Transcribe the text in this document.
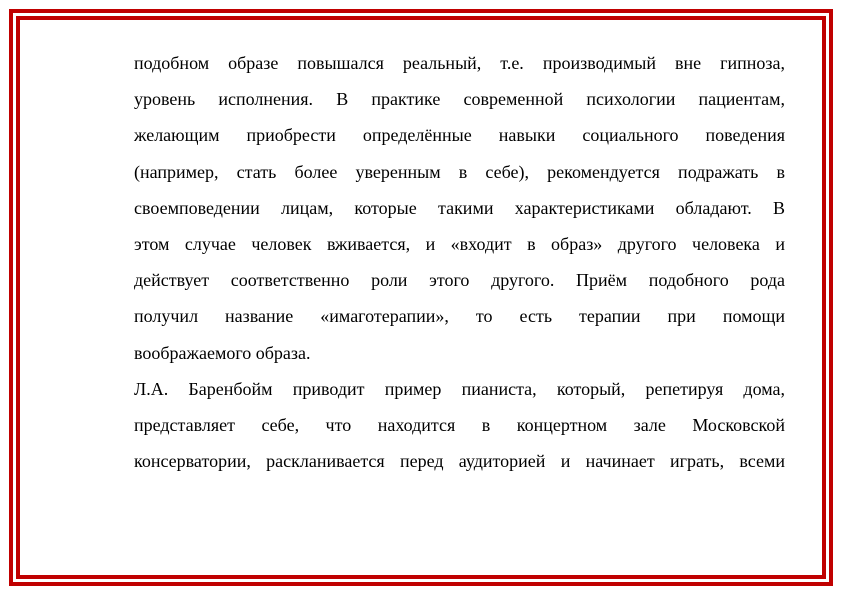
подобном образе повышался реальный, т.е. производимый вне гипноза,

уровень исполнения. В практике современной психологии пациентам,

желающим приобрести определённые навыки социального поведения

(например, стать более уверенным в себе), рекомендуется подражать в

своемповедении лицам, которые такими характеристиками обладают. В

этом случае человек вживается, и «входит в образ» другого человека и

действует соответственно роли этого другого. Приём подобного рода

получил название «имаготерапии», то есть терапии при помощи

воображаемого образа.

Л.А. Баренбойм приводит пример пианиста, который, репетируя дома,

представляет себе, что находится в концертном зале Московской

консерватории, раскланивается перед аудиторией и начинает играть, всеми
